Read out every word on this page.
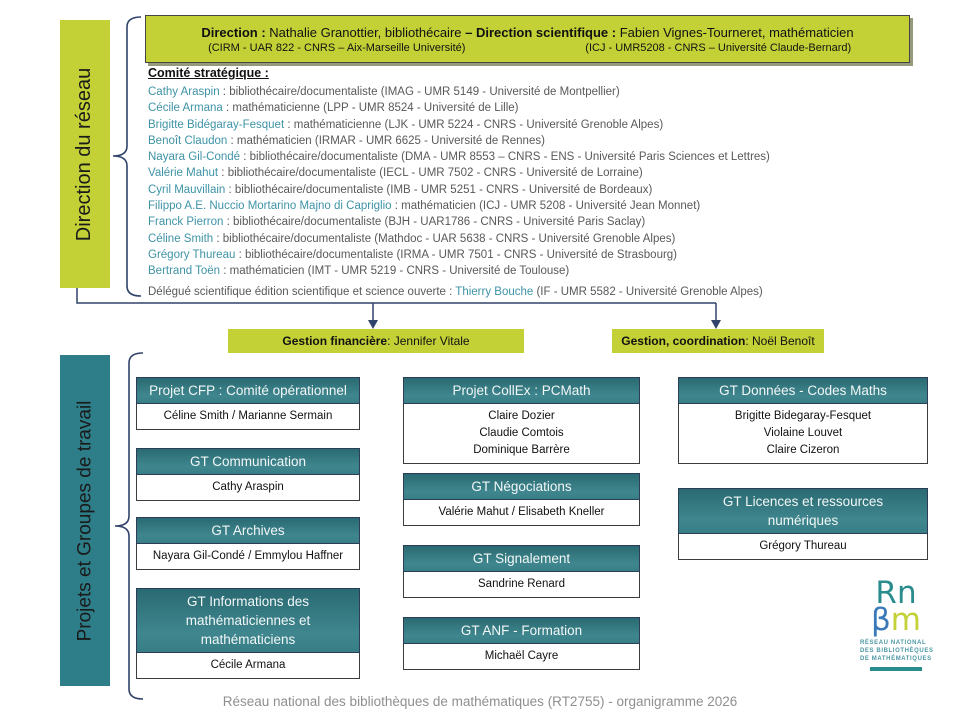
Direction du réseau
Projets et Groupes de travail
Direction : Nathalie Granottier, bibliothécaire – Direction scientifique : Fabien Vignes-Tourneret, mathématicien
(CIRM - UAR 822 - CNRS – Aix-Marseille Université)	(ICJ - UMR5208 - CNRS – Université Claude-Bernard)
Comité stratégique :
Cathy Araspin : bibliothécaire/documentaliste (IMAG - UMR 5149 - Université de Montpellier)
Cécile Armana : mathématicienne (LPP - UMR 8524 - Université de Lille)
Brigitte Bidégaray-Fesquet : mathématicienne (LJK - UMR 5224 - CNRS - Université Grenoble Alpes)
Benoît Claudon : mathématicien (IRMAR - UMR 6625 - Université de Rennes)
Nayara Gil-Condé : bibliothécaire/documentaliste (DMA - UMR 8553 – CNRS - ENS - Université Paris Sciences et Lettres)
Valérie Mahut : bibliothécaire/documentaliste (IECL - UMR 7502 - CNRS - Université de Lorraine)
Cyril Mauvillain : bibliothécaire/documentaliste (IMB - UMR 5251 - CNRS - Université de Bordeaux)
Filippo A.E. Nuccio Mortarino Majno di Capriglio : mathématicien (ICJ - UMR 5208 - Université Jean Monnet)
Franck Pierron : bibliothécaire/documentaliste (BJH - UAR1786 - CNRS - Université Paris Saclay)
Céline Smith : bibliothécaire/documentaliste (Mathdoc - UAR 5638 - CNRS - Université Grenoble Alpes)
Grégory Thureau : bibliothécaire/documentaliste (IRMA - UMR 7501 - CNRS - Université de Strasbourg)
Bertrand Toën : mathématicien (IMT - UMR 5219 - CNRS - Université de Toulouse)
Délégué scientifique édition scientifique et science ouverte : Thierry Bouche (IF - UMR 5582 - Université Grenoble Alpes)
Gestion financière : Jennifer Vitale	Gestion, coordination : Noël Benoît
Projet CFP : Comité opérationnel
Céline Smith / Marianne Sermain
GT Communication
Cathy Araspin
GT Archives
Nayara Gil-Condé / Emmylou Haffner
GT Informations des mathématiciennes et mathématiciens
Cécile Armana
Projet CollEx : PCMath
Claire Dozier
Claudie Comtois
Dominique Barrère
GT Négociations
Valérie Mahut / Elisabeth Kneller
GT Signalement
Sandrine Renard
GT ANF - Formation
Michaël Cayre
GT Données - Codes Maths
Brigitte Bidegaray-Fesquet
Violaine Louvet
Claire Cizeron
GT Licences et ressources numériques
Grégory Thureau
Rn
βm
RÉSEAU NATIONAL
DES BIBLIOTHÈQUES
DE MATHÉMATIQUES
Réseau national des bibliothèques de mathématiques (RT2755) - organigramme 2026
